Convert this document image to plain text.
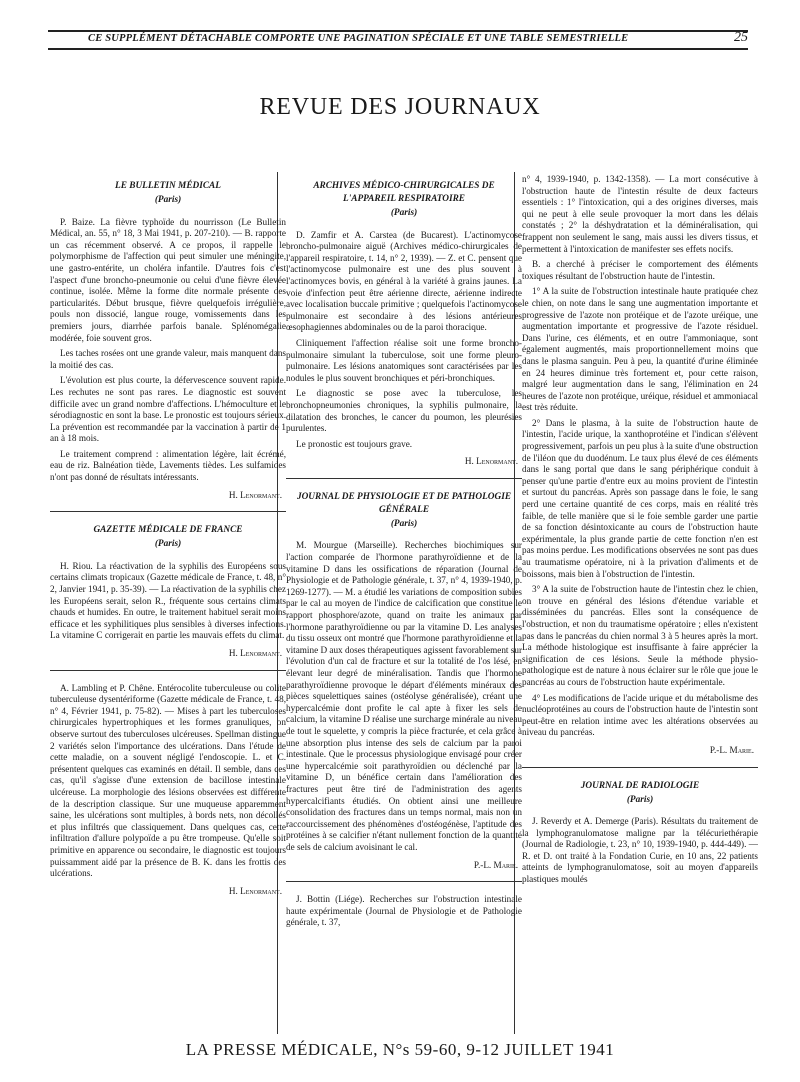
CE SUPPLÉMENT DÉTACHABLE COMPORTE UNE PAGINATION SPÉCIALE ET UNE TABLE SEMESTRIELLE	25
REVUE DES JOURNAUX
LE BULLETIN MÉDICAL
(Paris)

P. Baize. La fièvre typhoïde du nourrisson (Le Bulletin Médical, an. 55, n° 18, 3 Mai 1941, p. 207-210). — B. rapporte un cas récemment observé. A ce propos, il rappelle le polymorphisme de l'affection qui peut simuler une méningite, une gastro-entérite, un choléra infantile. D'autres fois c'est l'aspect d'une broncho-pneumonie ou celui d'une fièvre élevée continue, isolée. Même la forme dite normale présente des particularités. Début brusque, fièvre quelquefois irrégulière, pouls non dissocié, langue rouge, vomissements dans les premiers jours, diarrhée parfois banale. Splénomégalie modérée, foie souvent gros.

Les taches rosées ont une grande valeur, mais manquent dans la moitié des cas.

L'évolution est plus courte, la défervescence souvent rapide. Les rechutes ne sont pas rares. Le diagnostic est souvent difficile avec un grand nombre d'affections. L'hémoculture et le sérodiagnostic en sont la base. Le pronostic est toujours sérieux. La prévention est recommandée par la vaccination à partir de 1 an à 18 mois.

Le traitement comprend : alimentation légère, lait écrémé, eau de riz. Balnéation tiède, Lavements tièdes. Les sulfamides n'ont pas donné de résultats intéressants.

H. Lenormant.
GAZETTE MÉDICALE DE FRANCE
(Paris)

H. Riou. La réactivation de la syphilis des Européens sous certains climats tropicaux (Gazette médicale de France, t. 48, n° 2, Janvier 1941, p. 35-39). — La réactivation de la syphilis chez les Européens serait, selon R., fréquente sous certains climats chauds et humides. En outre, le traitement habituel serait moins efficace et les syphilitiques plus sensibles à diverses infections. La vitamine C corrigerait en partie les mauvais effets du climat.

H. Lenormant.

A. Lambling et P. Chêne. Entérocolite tuberculeuse ou colite tuberculeuse dysentériforme (Gazette médicale de France, t. 48, n° 4, Février 1941, p. 75-82). — Mises à part les tuberculoses chirurgicales hypertrophiques et les formes granuliques, on observe surtout des tuberculoses ulcéreuses. Spellman distingue 2 variétés selon l'importance des ulcérations. Dans l'étude de cette maladie, on a souvent négligé l'endoscopie. L. et C. présentent quelques cas examinés en détail. Il semble, dans ces cas, qu'il s'agisse d'une extension de bacillose intestinale ulcéreuse. La morphologie des lésions observées est différente de la description classique. Sur une muqueuse apparemment saine, les ulcérations sont multiples, à bords nets, non décollés et plus infiltrés que classiquement. Dans quelques cas, cette infiltration d'allure polypoïde a pu être trompeuse. Qu'elle soit primitive en apparence ou secondaire, le diagnostic est toujours puissamment aidé par la présence de B. K. dans les frottis des ulcérations.

H. Lenormant.
ARCHIVES MÉDICO-CHIRURGICALES DE L'APPAREIL RESPIRATOIRE
(Paris)

D. Zamfir et A. Carstea (de Bucarest). L'actinomycose broncho-pulmonaire aiguë (Archives médico-chirurgicales de l'appareil respiratoire, t. 14, n° 2, 1939). — Z. et C. pensent que l'actinomycose pulmonaire est une des plus souvent à l'actinomyces bovis, en général à la variété à grains jaunes. La voie d'infection peut être aérienne directe, aérienne indirecte avec localisation buccale primitive ; quelquefois l'actinomycose pulmonaire est secondaire à des lésions antérieures œsophagiennes abdominales ou de la paroi thoracique.

Cliniquement l'affection réalise soit une forme broncho-pulmonaire simulant la tuberculose, soit une forme pleuro-pulmonaire. Les lésions anatomiques sont caractérisées par les nodules le plus souvent bronchiques et péri-bronchiques.

Le diagnostic se pose avec la tuberculose, les bronchopneumonies chroniques, la syphilis pulmonaire, la dilatation des bronches, le cancer du poumon, les pleurésies purulentes.

Le pronostic est toujours grave.

H. Lenormant.
JOURNAL DE PHYSIOLOGIE ET DE PATHOLOGIE GÉNÉRALE
(Paris)

M. Mourgue (Marseille). Recherches biochimiques sur l'action comparée de l'hormone parathyroïdienne et de la vitamine D dans les ossifications de réparation (Journal de Physiologie et de Pathologie générale, t. 37, n° 4, 1939-1940, p. 1269-1277). — M. a étudié les variations de composition subies par le cal au moyen de l'indice de calcification que constitue le rapport phosphore/azote, quand on traite les animaux par l'hormone parathyroïdienne ou par la vitamine D. Les analyses du tissu osseux ont montré que l'hormone parathyroïdienne et la vitamine D aux doses thérapeutiques agissent favorablement sur l'évolution d'un cal de fracture et sur la totalité de l'os lésé, en élevant leur degré de minéralisation. Tandis que l'hormone parathyroïdienne provoque le départ d'éléments minéraux des pièces squelettiques saines (ostéolyse généralisée), créant une hypercalcémie dont profite le cal apte à fixer les sels de calcium, la vitamine D réalise une surcharge minérale au niveau de tout le squelette, y compris la pièce fracturée, et cela grâce à une absorption plus intense des sels de calcium par la paroi intestinale. Que le processus physiologique envisagé pour créer une hypercalcémie soit parathyroïdien ou déclenché par la vitamine D, un bénéfice certain dans l'amélioration des fractures peut être tiré de l'administration des agents hypercalcifiants étudiés. On obtient ainsi une meilleure consolidation des fractures dans un temps normal, mais non un raccourcissement des phénomènes d'ostéogénèse, l'aptitude des protéines à se calcifier n'étant nullement fonction de la quantité de sels de calcium avoisinant le cal.

P.-L. Marie.

J. Bottin (Liége). Recherches sur l'obstruction intestinale haute expérimentale (Journal de Physiologie et de Pathologie générale, t. 37,

n° 4, 1939-1940, p. 1342-1358). — La mort consécutive à l'obstruction haute de l'intestin résulte de deux facteurs essentiels : 1° l'intoxication, qui a des origines diverses, mais qui ne peut à elle seule provoquer la mort dans les délais constatés ; 2° la déshydratation et la déminéralisation, qui frappent non seulement le sang, mais aussi les divers tissus, et permettent à l'intoxication de manifester ses effets nocifs.

B. a cherché à préciser le comportement des éléments toxiques résultant de l'obstruction haute de l'intestin.

1° A la suite de l'obstruction intestinale haute pratiquée chez le chien, on note dans le sang une augmentation importante et progressive de l'azote non protéique et de l'azote uréique, une augmentation importante et progressive de l'azote résiduel. Dans l'urine, ces éléments, et en outre l'ammoniaque, sont également augmentés, mais proportionnellement moins que dans le plasma sanguin. Peu à peu, la quantité d'urine éliminée en 24 heures diminue très fortement et, pour cette raison, malgré leur augmentation dans le sang, l'élimination en 24 heures de l'azote non protéique, uréique, résiduel et ammoniacal est très réduite.

2° Dans le plasma, à la suite de l'obstruction haute de l'intestin, l'acide urique, la xanthoprotéine et l'indican s'élèvent progressivement, parfois un peu plus à la suite d'une obstruction de l'iléon que du duodénum. Le taux plus élevé de ces éléments dans le sang portal que dans le sang périphérique conduit à penser qu'une partie d'entre eux au moins provient de l'intestin et surtout du pancréas. Après son passage dans le foie, le sang perd une certaine quantité de ces corps, mais en réalité très faible, de telle manière que si le foie semble garder une partie de sa fonction désintoxicante au cours de l'obstruction haute expérimentale, la plus grande partie de cette fonction n'en est pas moins perdue. Les modifications observées ne sont pas dues au traumatisme opératoire, ni à la privation d'aliments et de boissons, mais bien à l'obstruction de l'intestin.

3° A la suite de l'obstruction haute de l'intestin chez le chien, on trouve en général des lésions d'étendue variable et disséminées du pancréas. Elles sont la conséquence de l'obstruction, et non du traumatisme opératoire ; elles n'existent pas dans le pancréas du chien normal 3 à 5 heures après la mort. La méthode histologique est insuffisante à faire apprécier la signification de ces lésions. Seule la méthode physio-pathologique est de nature à nous éclairer sur le rôle que joue le pancréas au cours de l'obstruction haute expérimentale.

4° Les modifications de l'acide urique et du métabolisme des nucléoprotéines au cours de l'obstruction haute de l'intestin sont peut-être en relation intime avec les altérations observées au niveau du pancréas.

P.-L. Marie.
JOURNAL DE RADIOLOGIE
(Paris)

J. Reverdy et A. Demerge (Paris). Résultats du traitement de la lymphogranulomatose maligne par la télécuriethérapie (Journal de Radiologie, t. 23, n° 10, 1939-1940, p. 444-449). — R. et D. ont traité à la Fondation Curie, en 10 ans, 22 patients atteints de lymphogranulomatose, soit au moyen d'appareils plastiques moulés

LA PRESSE MÉDICALE, N°s 59-60, 9-12 JUILLET 1941
